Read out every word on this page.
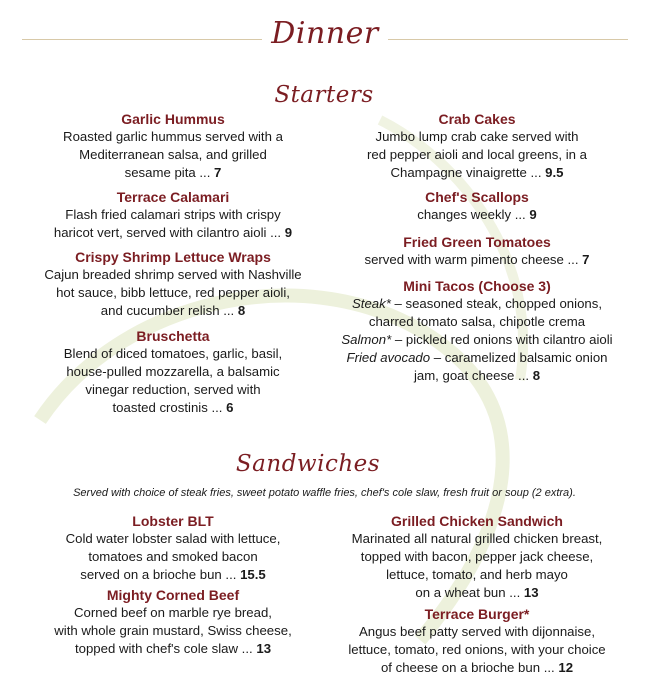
Dinner
Starters
Garlic Hummus
Roasted garlic hummus served with a
Mediterranean salsa, and grilled
sesame pita ... 7
Terrace Calamari
Flash fried calamari strips with crispy
haricot vert, served with cilantro aioli ... 9
Crispy Shrimp Lettuce Wraps
Cajun breaded shrimp served with Nashville
hot sauce, bibb lettuce, red pepper aioli,
and cucumber relish ... 8
Bruschetta
Blend of diced tomatoes, garlic, basil,
house-pulled mozzarella, a balsamic
vinegar reduction, served with
toasted crostinis ... 6
Crab Cakes
Jumbo lump crab cake served with
red pepper aioli and local greens, in a
Champagne vinaigrette ... 9.5
Chef's Scallops
changes weekly ... 9
Fried Green Tomatoes
served with warm pimento cheese ... 7
Mini Tacos (Choose 3)
Steak* – seasoned steak, chopped onions,
charred tomato salsa, chipotle crema
Salmon* – pickled red onions with cilantro aioli
Fried avocado – caramelized balsamic onion
jam, goat cheese ... 8
Sandwiches
Served with choice of steak fries, sweet potato waffle fries, chef's cole slaw, fresh fruit or soup (2 extra).
Lobster BLT
Cold water lobster salad with lettuce,
tomatoes and smoked bacon
served on a brioche bun ... 15.5
Mighty Corned Beef
Corned beef on marble rye bread,
with whole grain mustard, Swiss cheese,
topped with chef's cole slaw ... 13
Grilled Chicken Sandwich
Marinated all natural grilled chicken breast,
topped with bacon, pepper jack cheese,
lettuce, tomato, and herb mayo
on a wheat bun ... 13
Terrace Burger*
Angus beef patty served with dijonnaise,
lettuce, tomato, red onions, with your choice
of cheese on a brioche bun ... 12
